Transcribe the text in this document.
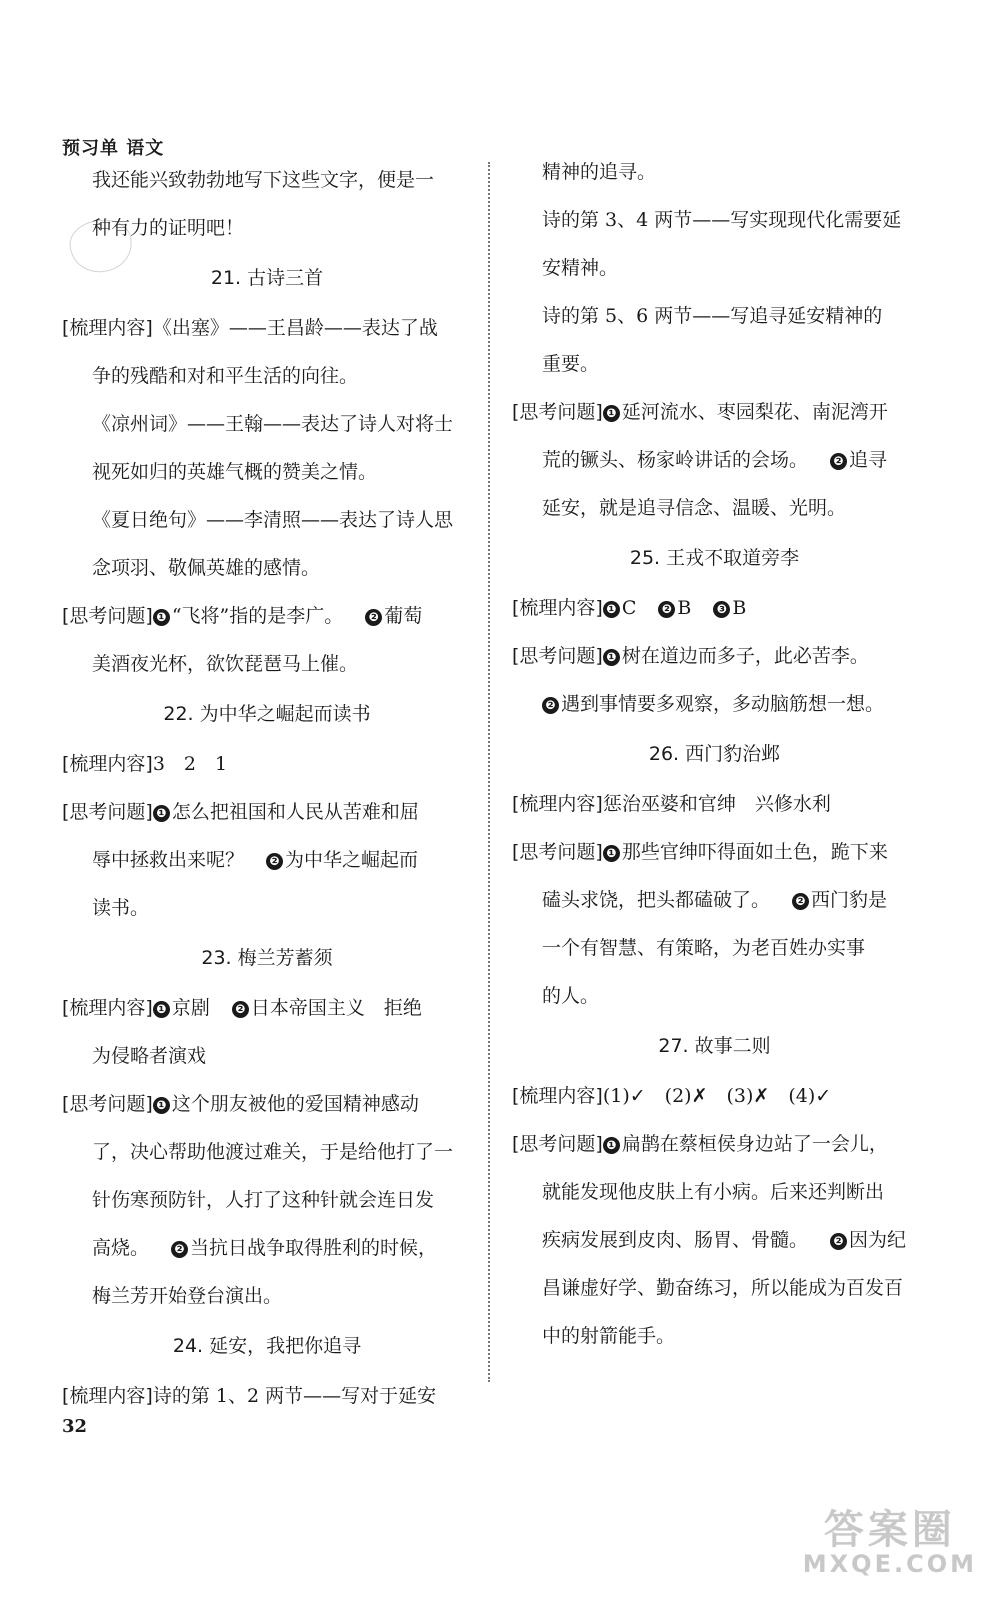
预习单 语文

我还能兴致勃勃地写下这些文字，便是一

种有力的证明吧！

21. 古诗三首

[梳理内容]《出塞》——王昌龄——表达了战

争的残酷和对和平生活的向往。

《凉州词》——王翰——表达了诗人对将士

视死如归的英雄气概的赞美之情。

《夏日绝句》——李清照——表达了诗人思

念项羽、敬佩英雄的感情。

[思考问题] ❶ “飞将”指的是李广。 ❷ 葡萄

美酒夜光杯，欲饮琵琶马上催。

22. 为中华之崛起而读书

[梳理内容]3　2　1

[思考问题] ❶ 怎么把祖国和人民从苦难和屈

辱中拯救出来呢？ ❷ 为中华之崛起而

读书。

23. 梅兰芳蓄须

[梳理内容] ❶ 京剧 ❷ 日本帝国主义　拒绝

为侵略者演戏

[思考问题] ❶ 这个朋友被他的爱国精神感动

了，决心帮助他渡过难关，于是给他打了一

针伤寒预防针，人打了这种针就会连日发

高烧。 ❷ 当抗日战争取得胜利的时候，

梅兰芳开始登台演出。

24. 延安，我把你追寻

[梳理内容]诗的第 1、2 两节——写对于延安

精神的追寻。

诗的第 3、4 两节——写实现现代化需要延

安精神。

诗的第 5、6 两节——写追寻延安精神的

重要。

[思考问题] ❶ 延河流水、枣园梨花、南泥湾开

荒的镢头、杨家岭讲话的会场。 ❷ 追寻

延安，就是追寻信念、温暖、光明。

25. 王戎不取道旁李

[梳理内容] ❶ C ❷ B ❸ B

[思考问题] ❶ 树在道边而多子，此必苦李。

❷ 遇到事情要多观察，多动脑筋想一想。

26. 西门豹治邺

[梳理内容]惩治巫婆和官绅　兴修水利

[思考问题] ❶ 那些官绅吓得面如土色，跪下来

磕头求饶，把头都磕破了。 ❷ 西门豹是

一个有智慧、有策略，为老百姓办实事

的人。

27. 故事二则

[梳理内容](1)✓　(2)✗　(3)✗　(4)✓

[思考问题] ❶ 扁鹊在蔡桓侯身边站了一会儿，

就能发现他皮肤上有小病。后来还判断出

疾病发展到皮肉、肠胃、骨髓。 ❷ 因为纪

昌谦虚好学、勤奋练习，所以能成为百发百

中的射箭能手。

32
答案圈
MXQE.COM
